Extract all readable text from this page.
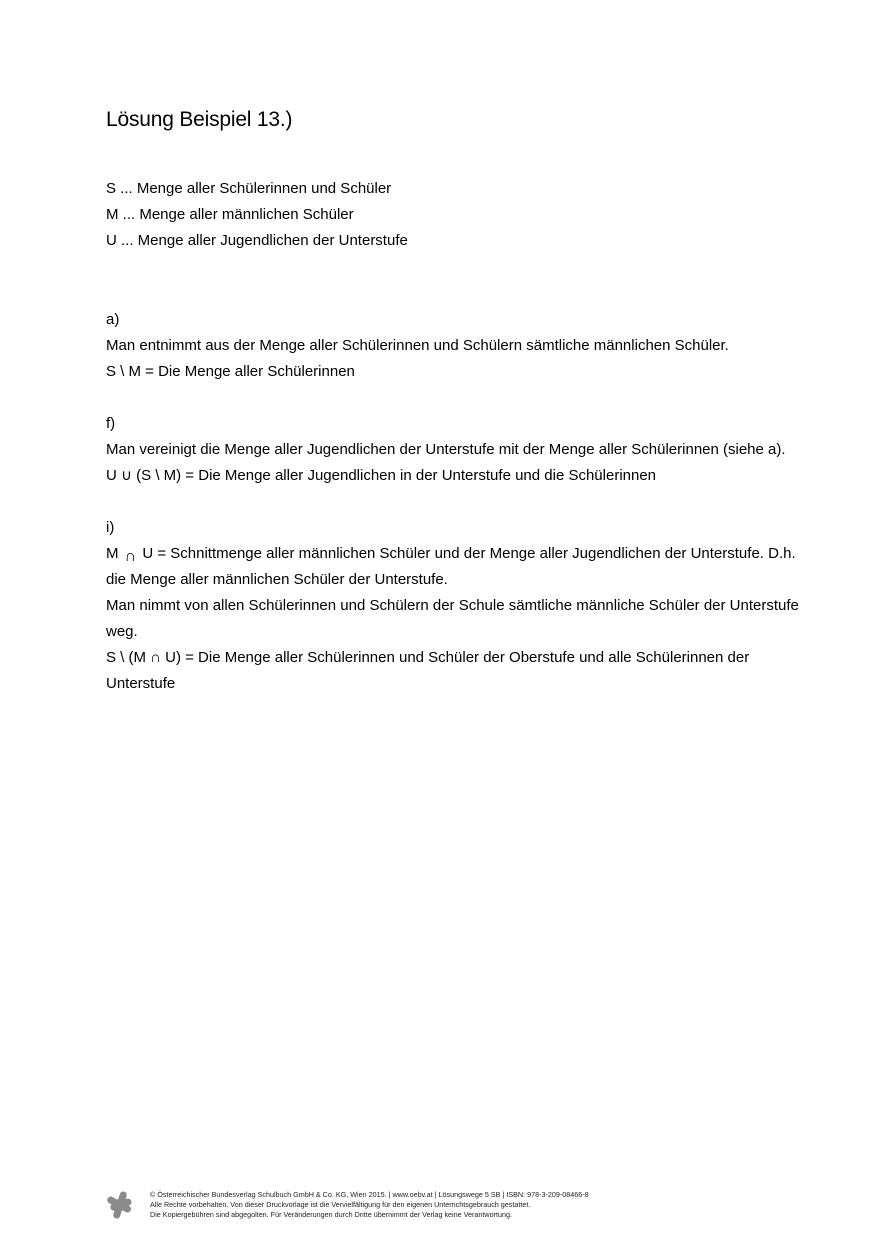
Lösung Beispiel 13.)

S ... Menge aller Schülerinnen und Schüler

M ... Menge aller männlichen Schüler

U ... Menge aller Jugendlichen der Unterstufe

a)

Man entnimmt aus der Menge aller Schülerinnen und Schülern sämtliche männlichen Schüler.

S \ M = Die Menge aller Schülerinnen

f)

Man vereinigt die Menge aller Jugendlichen der Unterstufe mit der Menge aller Schülerinnen (siehe a).

U ∪ (S \ M) = Die Menge aller Jugendlichen in der Unterstufe und die Schülerinnen

i)

M ∩ U = Schnittmenge aller männlichen Schüler und der Menge aller Jugendlichen der Unterstufe. D.h.

die Menge aller männlichen Schüler der Unterstufe.

Man nimmt von allen Schülerinnen und Schülern der Schule sämtliche männliche Schüler der Unterstufe

weg.

S \ (M ∩ U) = Die Menge aller Schülerinnen und Schüler der Oberstufe und alle Schülerinnen der

Unterstufe

© Österreichischer Bundesverlag Schulbuch GmbH & Co. KG, Wien 2015. | www.oebv.at | Lösungswege 5 SB | ISBN: 978-3-209-08466-8
Alle Rechte vorbehalten. Von dieser Druckvorlage ist die Vervielfältigung für den eigenen Unterrichtsgebrauch gestattet.
Die Kopiergebühren sind abgegolten. Für Veränderungen durch Dritte übernimmt der Verlag keine Verantwortung.
